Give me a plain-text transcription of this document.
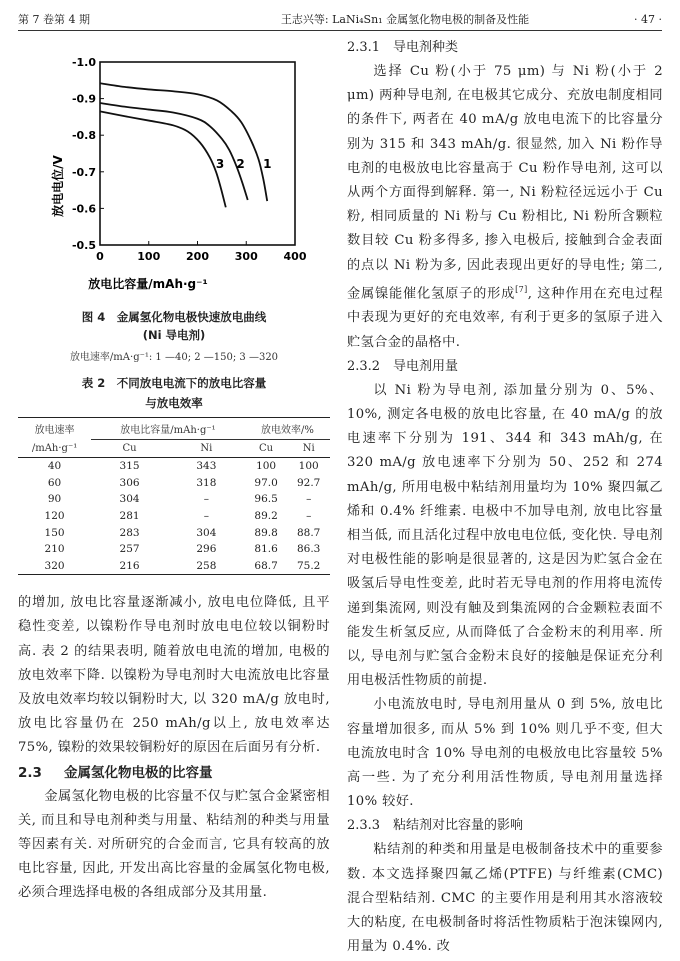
第 7 卷第 4 期	王志兴等: LaNi₄Sn₁ 金属氢化物电极的制备及性能	· 47 ·
0	100 200 300 400
-1.0
-0.9
-0.8
-0.7
-0.6
-0.5
1
2
3
放电比容量/mAh·g⁻¹
放电电位/V
图 4　金属氢化物电极快速放电曲线
(Ni 导电剂)
放电速率/mA·g⁻¹: 1 —40; 2 —150; 3 —320
表 2　不同放电电流下的放电比容量
与放电效率
放电速率	放电比容量/mAh·g⁻¹		放电效率/%	
/mAh·g⁻¹	Cu	Ni	Cu	Ni
40	315	343	100	100
60	306	318	97.0	92.7
90	304	–	96.5	–
120	281	–	89.2	–
150	283	304	89.8	88.7
210	257	296	81.6	86.3
320	216	258	68.7	75.2

的增加, 放电比容量逐渐减小, 放电电位降低, 且平稳性变差, 以镍粉作导电剂时放电电位较以铜粉时高. 表 2 的结果表明, 随着放电电流的增加, 电极的放电效率下降. 以镍粉为导电剂时大电流放电比容量及放电效率均较以铜粉时大, 以 320 mA/g 放电时, 放电比容量仍在 250 mAh/g以上, 放电效率达 75%, 镍粉的效果较铜粉好的原因在后面另有分析.

2.3 金属氢化物电极的比容量

金属氢化物电极的比容量不仅与贮氢合金紧密相关, 而且和导电剂种类与用量、粘结剂的种类与用量等因素有关. 对所研究的合金而言, 它具有较高的放电比容量, 因此, 开发出高比容量的金属氢化物电极, 必须合理选择电极的各组成部分及其用量.

2.3.1 导电剂种类

选择 Cu 粉(小于 75 μm) 与 Ni 粉(小于 2 μm) 两种导电剂, 在电极其它成分、充放电制度相同的条件下, 两者在 40 mA/g 放电电流下的比容量分别为 315 和 343 mAh/g. 很显然, 加入 Ni 粉作导电剂的电极放电比容量高于 Cu 粉作导电剂, 这可以从两个方面得到解释. 第一, Ni 粉粒径远远小于 Cu 粉, 相同质量的 Ni 粉与 Cu 粉相比, Ni 粉所含颗粒数目较 Cu 粉多得多, 掺入电极后, 接触到合金表面的点以 Ni 粉为多, 因此表现出更好的导电性; 第二, 金属镍能催化氢原子的形成[7], 这种作用在充电过程中表现为更好的充电效率, 有利于更多的氢原子进入贮氢合金的晶格中.

2.3.2 导电剂用量

以 Ni 粉为导电剂, 添加量分别为 0、5%、10%, 测定各电极的放电比容量, 在 40 mA/g 的放电速率下分别为 191、344 和 343 mAh/g, 在 320 mA/g 放电速率下分别为 50、252 和 274 mAh/g, 所用电极中粘结剂用量均为 10% 聚四氟乙烯和 0.4% 纤维素. 电极中不加导电剂, 放电比容量相当低, 而且活化过程中放电电位低, 变化快. 导电剂对电极性能的影响是很显著的, 这是因为贮氢合金在吸氢后导电性变差, 此时若无导电剂的作用将电流传递到集流网, 则没有触及到集流网的合金颗粒表面不能发生析氢反应, 从而降低了合金粉末的利用率. 所以, 导电剂与贮氢合金粉末良好的接触是保证充分利用电极活性物质的前提.

小电流放电时, 导电剂用量从 0 到 5%, 放电比容量增加很多, 而从 5% 到 10% 则几乎不变, 但大电流放电时含 10% 导电剂的电极放电比容量较 5% 高一些. 为了充分利用活性物质, 导电剂用量选择 10% 较好.

2.3.3 粘结剂对比容量的影响

粘结剂的种类和用量是电极制备技术中的重要参数. 本文选择聚四氟乙烯(PTFE) 与纤维素(CMC) 混合型粘结剂. CMC 的主要作用是利用其水溶液较大的粘度, 在电极制备时将活性物质粘于泡沫镍网内, 用量为 0.4%. 改
